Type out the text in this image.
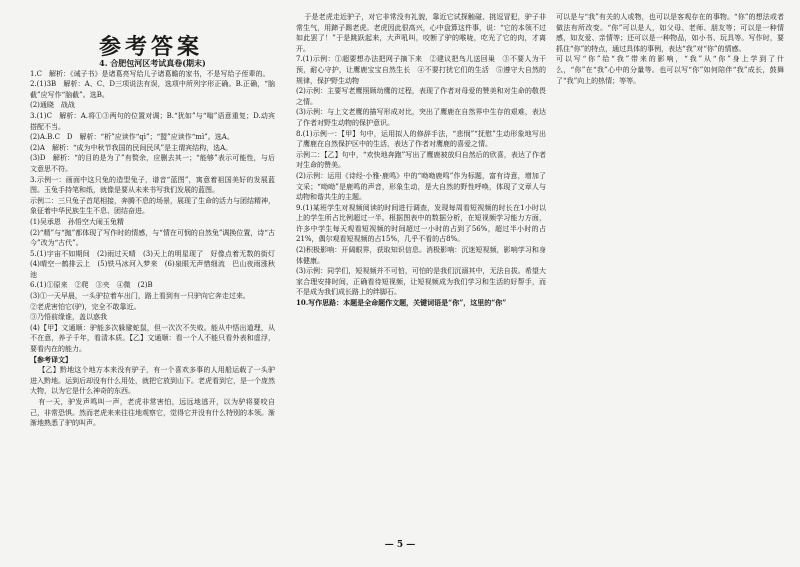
参考答案

4. 合肥包河区考试真卷(期末)

1.C　解析：《诫子书》是诸葛亮写给儿子诸葛瞻的家书，不是写给子侄辈的。

2.(1)3B　解析：A、C、D三项说法有误，选项中所列字形正确。B.正确，“脑截”应写作“脑截”。选B。

(2)通晓　战战

3.(1)C　解析：A.将①③两句的位置对调；B.“犹如”与“嗡”语意重复；D.动宾搭配不当。

(2)A.B.C　D　解析：“析”应读作“qì”；“盟”应读作“mì”。选A。

(2)A　解析：“成为中秋节我国的民间民风”是主谓宾结构，选A。

(3)D　解析：“的目的是为了”有赘余，应删去其一；“能够”表示可能性，与后文意思不符。

3.示例一：画面中这只兔的造型兔子，谱音“蓝图”，寓意着祖国美好的发展蓝图。玉兔手持笔和纸，就像是要从未来书写我们发展的蓝图。

示例二：三只兔子首尾相接，奔腾不息的场景，展现了生命的活力与团结精神，象征着中华民族生生不息、团结奋进。

(1)吴承恩　孙悟空大闹玉兔精

(2)“精”与“抛”都体现了写作时的情感，与“情在可悯的自然兔”调换位置，诗“古今”改为“古代”。

5.(1)宇宙不如期间　(2)雨过天晴　(3)天上的明星现了　好像点着无数的街灯　(4)晴空一鹤排云上　(5)铁马冰河入梦来　(6)泉眼无声惜细流　巴山夜雨涨秋池

6.(1)①原来　②爬　③夹　④微　(2)B

(3)①一天早晨，一头驴拉着车出门，路上看到有一只驴向它奔走过来。

②老虎害怕它(驴)，完全不敢靠近。

③乃悟前缘谁，盖以惑我

(4)【甲】文通顺：驴能多次躲避蛇鼠，但一次次不失败。能从中悟出道理，从不在意，养子千年，看清本质。【乙】文通顺：看一个人不能只看外表和虚浮，要看内在的能力。

【参考译文】

【乙】黔地这个地方本来没有驴子，有一个喜欢多事的人用船运载了一头驴进入黔地。运到后却没有什么用处，就把它放到山下。老虎看到它，是一个庞然大物，以为它是什么神奇的东西。

有一天，驴发声鸣叫一声，老虎非常害怕，远远地逃开，以为驴将要咬自己，非常恐惧。然而老虎来来往往地观察它，觉得它并没有什么特别的本领。渐渐地熟悉了驴的叫声。

于是老虎走近驴子，对它非常没有礼貌，靠近它试探触碰、挑逗冒犯，驴子非常生气，用蹄子踢老虎。老虎因此很高兴，心中盘算这件事，说：“它的本领不过如此罢了！”于是跳跃起来，大声吼叫，咬断了驴的喉咙，吃光了它的肉，才离开。

7.(1)示例：①超要想办法把网子摘下来　②建议把鸟儿送回巢　③不要人为干预，耐心守护，让鹰鹿宝宝自然生长　④不要打扰它们的生活　⑤遵守大自然的规律，保护野生动物

(2)示例：主要写老鹰照顾幼鹰的过程，表现了作者对母爱的赞美和对生命的敬畏之情。

(3)示例：与上文老鹰的描写形成对比，突出了鹰鹿在自然界中生存的艰难，表达了作者对野生动物的保护意识。

8.(1)示例一：【甲】句中，运用拟人的修辞手法，“悲悯”“抚慰”生动形象地写出了鹰鹿在自然保护区中的生活，表达了作者对鹰鹿的喜爱之情。

示例二：【乙】句中，“欢快地奔跑”写出了鹰鹿被放归自然后的欣喜，表达了作者对生命的赞美。

(2)示例：运用《诗经·小雅·鹿鸣》中的“呦呦鹿鸣”作为标题，富有诗意，增加了文采；“呦呦”是鹿鸣的声音，形象生动，是大自然的野性呼唤，体现了文章人与动物和谐共生的主题。

9.(1)某班学生对视频阅读的时间进行调查，发现每周看短视频的时长在1小时以上的学生所占比例超过一半。根据图表中的数据分析，在短视频学习能力方面，许多中学生每天观看短视频的时间超过一小时的占到了56%，超过半小时的占21%，偶尔观看短视频的占15%，几乎不看的占8%。

(2)积极影响：开阔眼界，获取知识信息。消极影响：沉迷短视频，影响学习和身体健康。

(3)示例：同学们，短视频并不可怕，可怕的是我们沉溺其中，无法自拔。希望大家合理安排时间，正确看待短视频，让短视频成为我们学习和生活的好帮手，而不是成为我们成长路上的绊脚石。

10.写作思路：本题是全命题作文题，关键词语是“你”，这里的“你”

可以是与“我”有关的人或物，也可以是客观存在的事物。“你”的想法或者做法有所改变。“你”可以是人，如父母、老师、朋友等；可以是一种情感，如友爱、亲情等；还可以是一种物品，如小书、玩具等。写作时，要抓住“你”的特点，通过具体的事例，表达“我”对“你”的情感。

可以写“你”给“我”带来的影响，“我”从“你”身上学到了什么，“你”在“我”心中的分量等。也可以写“你”如何陪伴“我”成长，鼓舞了“我”向上的热情；等等。

— 5 —
